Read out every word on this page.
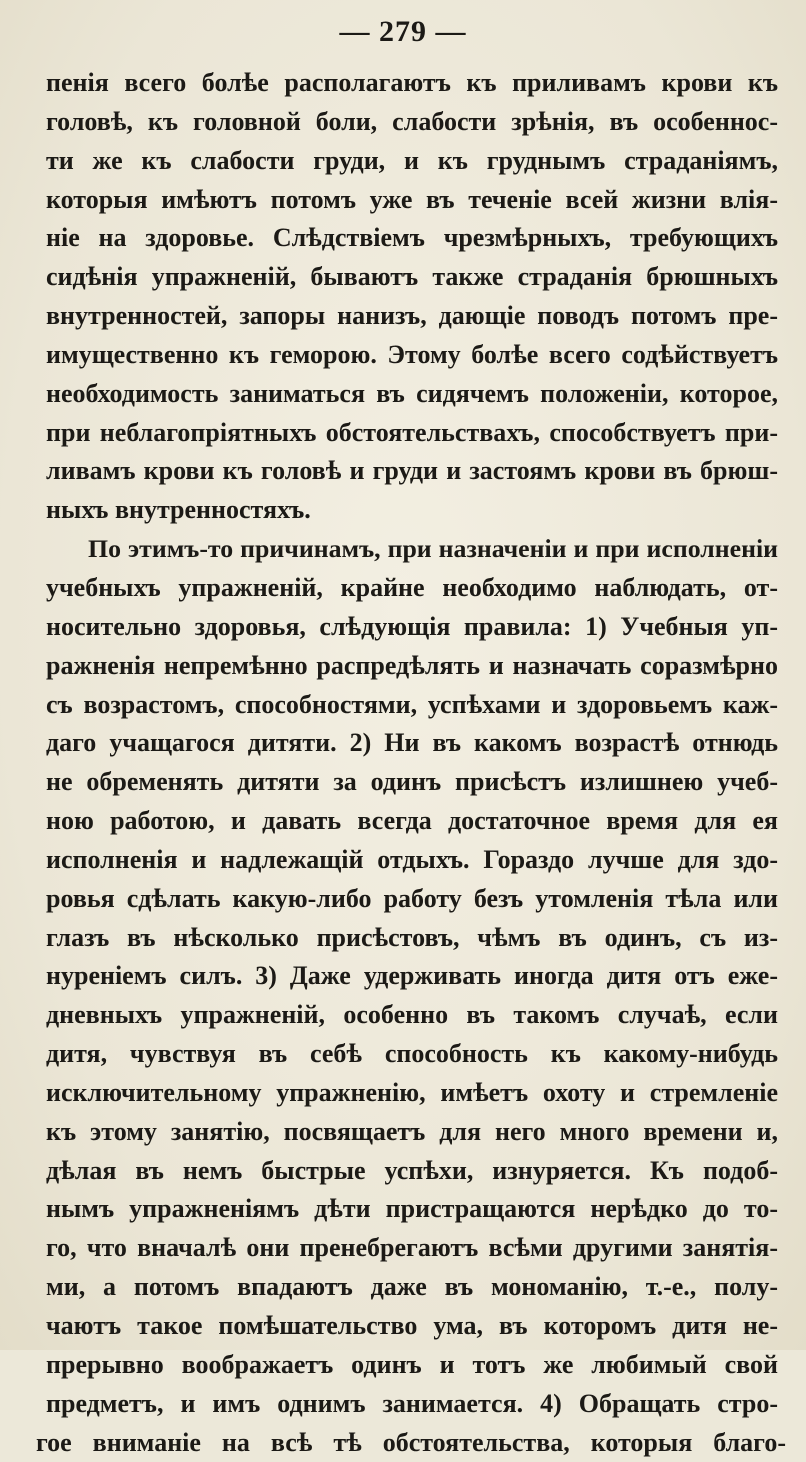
— 279 —
пенія всего болѣе располагаютъ къ приливамъ крови къ
головѣ, къ головной боли, слабости зрѣнія, въ особеннос-
ти же къ слабости груди, и къ груднымъ страданіямъ,
которыя имѣютъ потомъ уже въ теченіе всей жизни влія-
ніе на здоровье. Слѣдствіемъ чрезмѣрныхъ, требующихъ
сидѣнія упражненій, бываютъ также страданія брюшныхъ
внутренностей, запоры нанизъ, дающіе поводъ потомъ пре-
имущественно къ геморою. Этому болѣе всего содѣйствуетъ
необходимость заниматься въ сидячемъ положеніи, которое,
при неблагопріятныхъ обстоятельствахъ, способствуетъ при-
ливамъ крови къ головѣ и груди и застоямъ крови въ брюш-
ныхъ внутренностяхъ.
По этимъ-то причинамъ, при назначеніи и при исполненіи
учебныхъ упражненій, крайне необходимо наблюдать, от-
носительно здоровья, слѣдующія правила: 1) Учебныя уп-
ражненія непремѣнно распредѣлять и назначать соразмѣрно
съ возрастомъ, способностями, успѣхами и здоровьемъ каж-
даго учащагося дитяти. 2) Ни въ какомъ возрастѣ отнюдь
не обременять дитяти за одинъ присѣстъ излишнею учеб-
ною работою, и давать всегда достаточное время для ея
исполненія и надлежащій отдыхъ. Гораздо лучше для здо-
ровья сдѣлать какую-либо работу безъ утомленія тѣла или
глазъ въ нѣсколько присѣстовъ, чѣмъ въ одинъ, съ из-
нуреніемъ силъ. 3) Даже удерживать иногда дитя отъ еже-
дневныхъ упражненій, особенно въ такомъ случаѣ, если
дитя, чувствуя въ себѣ способность къ какому-нибудь
исключительному упражненію, имѣетъ охоту и стремленіе
къ этому занятію, посвящаетъ для него много времени и,
дѣлая въ немъ быстрые успѣхи, изнуряется. Къ подоб-
нымъ упражненіямъ дѣти пристращаются нерѣдко до то-
го, что вначалѣ они пренебрегаютъ всѣми другими занятія-
ми, а потомъ впадаютъ даже въ мономанію, т.-е., полу-
чаютъ такое помѣшательство ума, въ которомъ дитя не-
прерывно воображаетъ одинъ и тотъ же любимый свой
предметъ, и имъ однимъ занимается. 4) Обращать стро-
гое вниманіе на всѣ тѣ обстоятельства, которыя благо-
